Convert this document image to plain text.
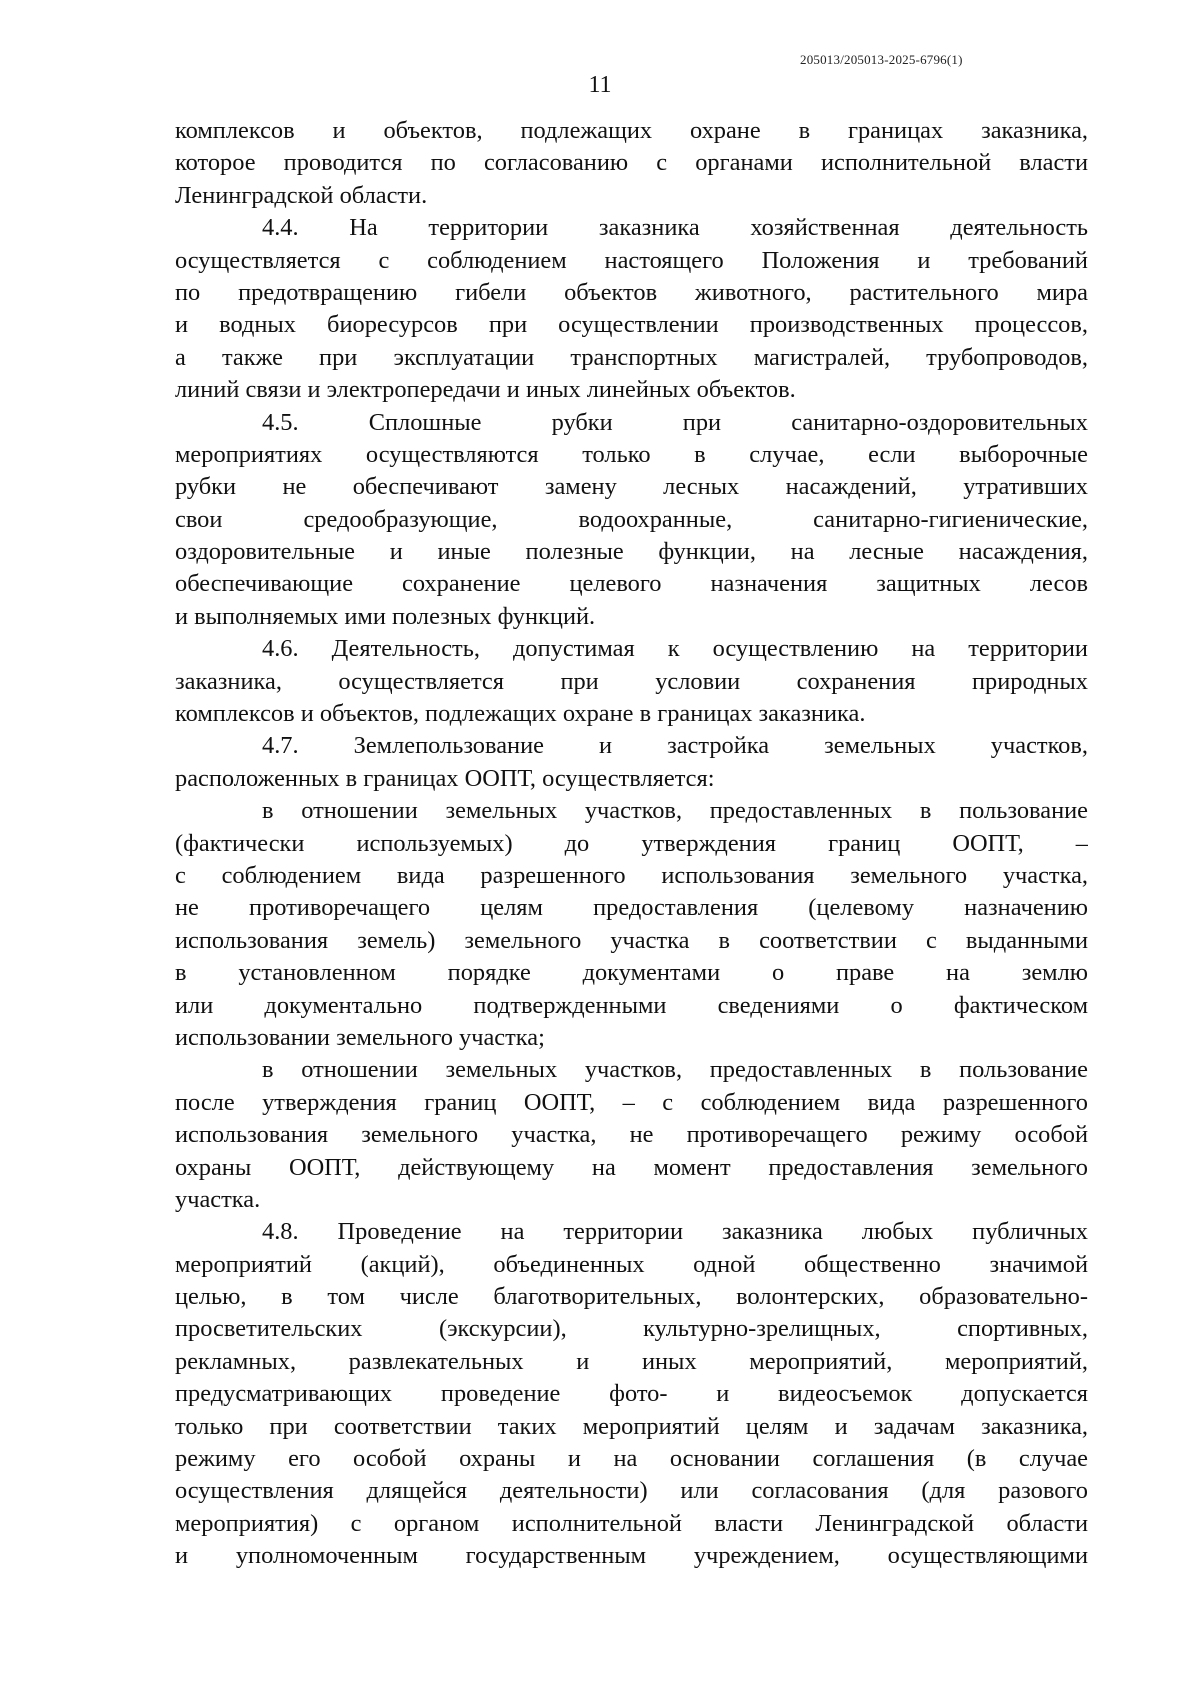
205013/205013-2025-6796(1)
11
комплексов и объектов, подлежащих охране в границах заказника,
которое проводится по согласованию с органами исполнительной власти
Ленинградской области.
4.4. На территории заказника хозяйственная деятельность
осуществляется с соблюдением настоящего Положения и требований
по предотвращению гибели объектов животного, растительного мира
и водных биоресурсов при осуществлении производственных процессов,
а также при эксплуатации транспортных магистралей, трубопроводов,
линий связи и электропередачи и иных линейных объектов.
4.5. Сплошные рубки при санитарно-оздоровительных
мероприятиях осуществляются только в случае, если выборочные
рубки не обеспечивают замену лесных насаждений, утративших
свои средообразующие, водоохранные, санитарно-гигиенические,
оздоровительные и иные полезные функции, на лесные насаждения,
обеспечивающие сохранение целевого назначения защитных лесов
и выполняемых ими полезных функций.
4.6. Деятельность, допустимая к осуществлению на территории
заказника, осуществляется при условии сохранения природных
комплексов и объектов, подлежащих охране в границах заказника.
4.7. Землепользование и застройка земельных участков,
расположенных в границах ООПТ, осуществляется:
в отношении земельных участков, предоставленных в пользование
(фактически используемых) до утверждения границ ООПТ, –
с соблюдением вида разрешенного использования земельного участка,
не противоречащего целям предоставления (целевому назначению
использования земель) земельного участка в соответствии с выданными
в установленном порядке документами о праве на землю
или документально подтвержденными сведениями о фактическом
использовании земельного участка;
в отношении земельных участков, предоставленных в пользование
после утверждения границ ООПТ, – с соблюдением вида разрешенного
использования земельного участка, не противоречащего режиму особой
охраны ООПТ, действующему на момент предоставления земельного
участка.
4.8. Проведение на территории заказника любых публичных
мероприятий (акций), объединенных одной общественно значимой
целью, в том числе благотворительных, волонтерских, образовательно-
просветительских (экскурсии), культурно-зрелищных, спортивных,
рекламных, развлекательных и иных мероприятий, мероприятий,
предусматривающих проведение фото- и видеосъемок допускается
только при соответствии таких мероприятий целям и задачам заказника,
режиму его особой охраны и на основании соглашения (в случае
осуществления длящейся деятельности) или согласования (для разового
мероприятия) с органом исполнительной власти Ленинградской области
и уполномоченным государственным учреждением, осуществляющими
